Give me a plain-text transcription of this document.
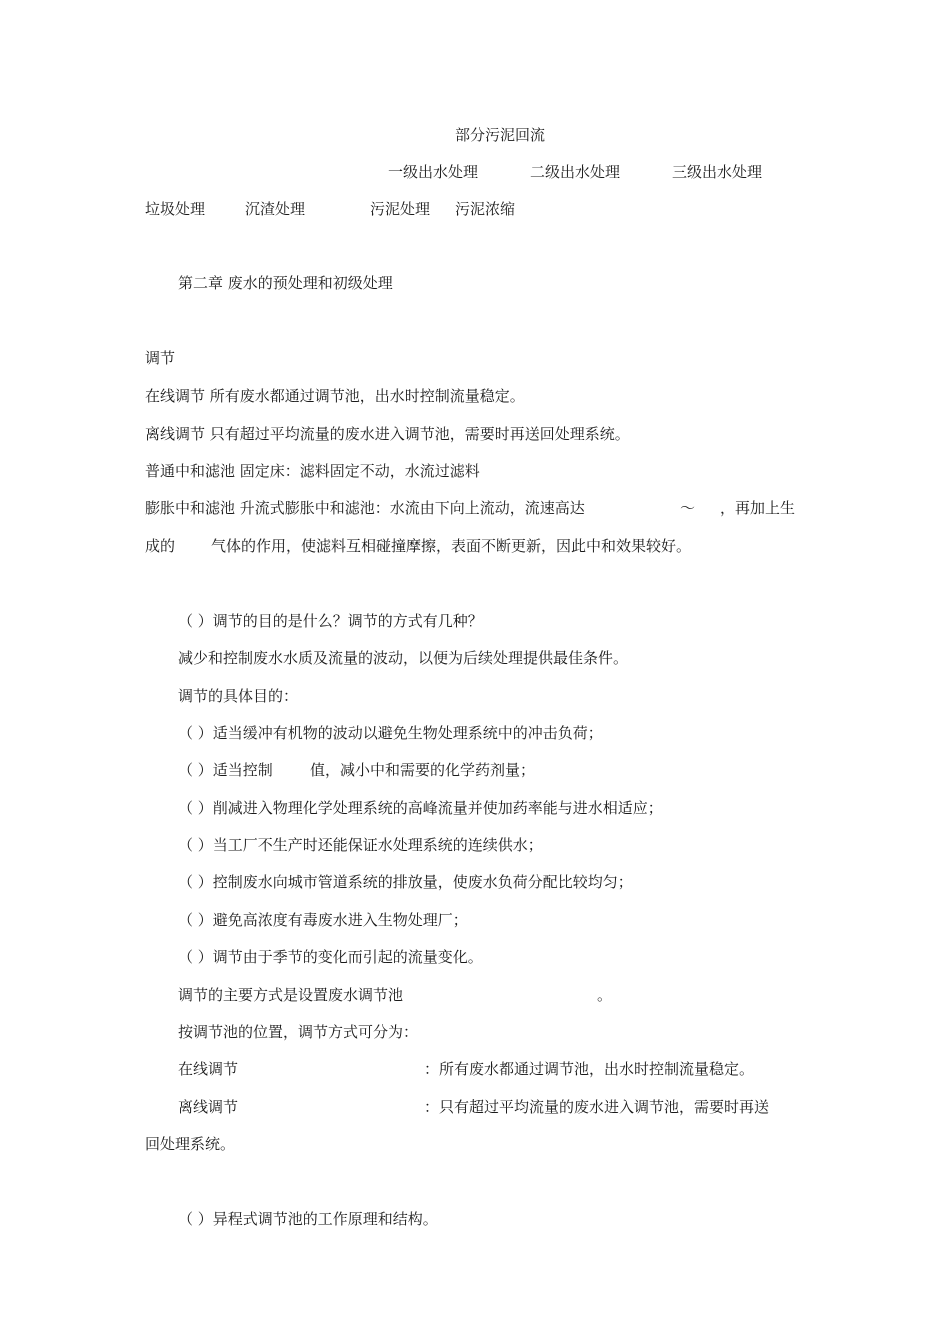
部分污泥回流
一级出水处理	二级出水处理	三级出水处理
垃圾处理	沉渣处理	污泥处理 污泥浓缩
第二章 废水的预处理和初级处理
调节
在线调节 所有废水都通过调节池，出水时控制流量稳定。
离线调节 只有超过平均流量的废水进入调节池，需要时再送回处理系统。
普通中和滤池 固定床：滤料固定不动，水流过滤料
膨胀中和滤池 升流式膨胀中和滤池：水流由下向上流动，流速高达	～ ，再加上生
成的 气体的作用，使滤料互相碰撞摩擦，表面不断更新，因此中和效果较好。
（ ）调节的目的是什么？调节的方式有几种？
减少和控制废水水质及流量的波动，以便为后续处理提供最佳条件。
调节的具体目的：
（ ）适当缓冲有机物的波动以避免生物处理系统中的冲击负荷；
（ ）适当控制 值，减小中和需要的化学药剂量；
（ ）削减进入物理化学处理系统的高峰流量并使加药率能与进水相适应；
（ ）当工厂不生产时还能保证水处理系统的连续供水；
（ ）控制废水向城市管道系统的排放量，使废水负荷分配比较均匀；
（ ）避免高浓度有毒废水进入生物处理厂；
（ ）调节由于季节的变化而引起的流量变化。
调节的主要方式是设置废水调节池	。
按调节池的位置，调节方式可分为：
在线调节	：所有废水都通过调节池，出水时控制流量稳定。
离线调节	：只有超过平均流量的废水进入调节池，需要时再送
回处理系统。
（ ）异程式调节池的工作原理和结构。
